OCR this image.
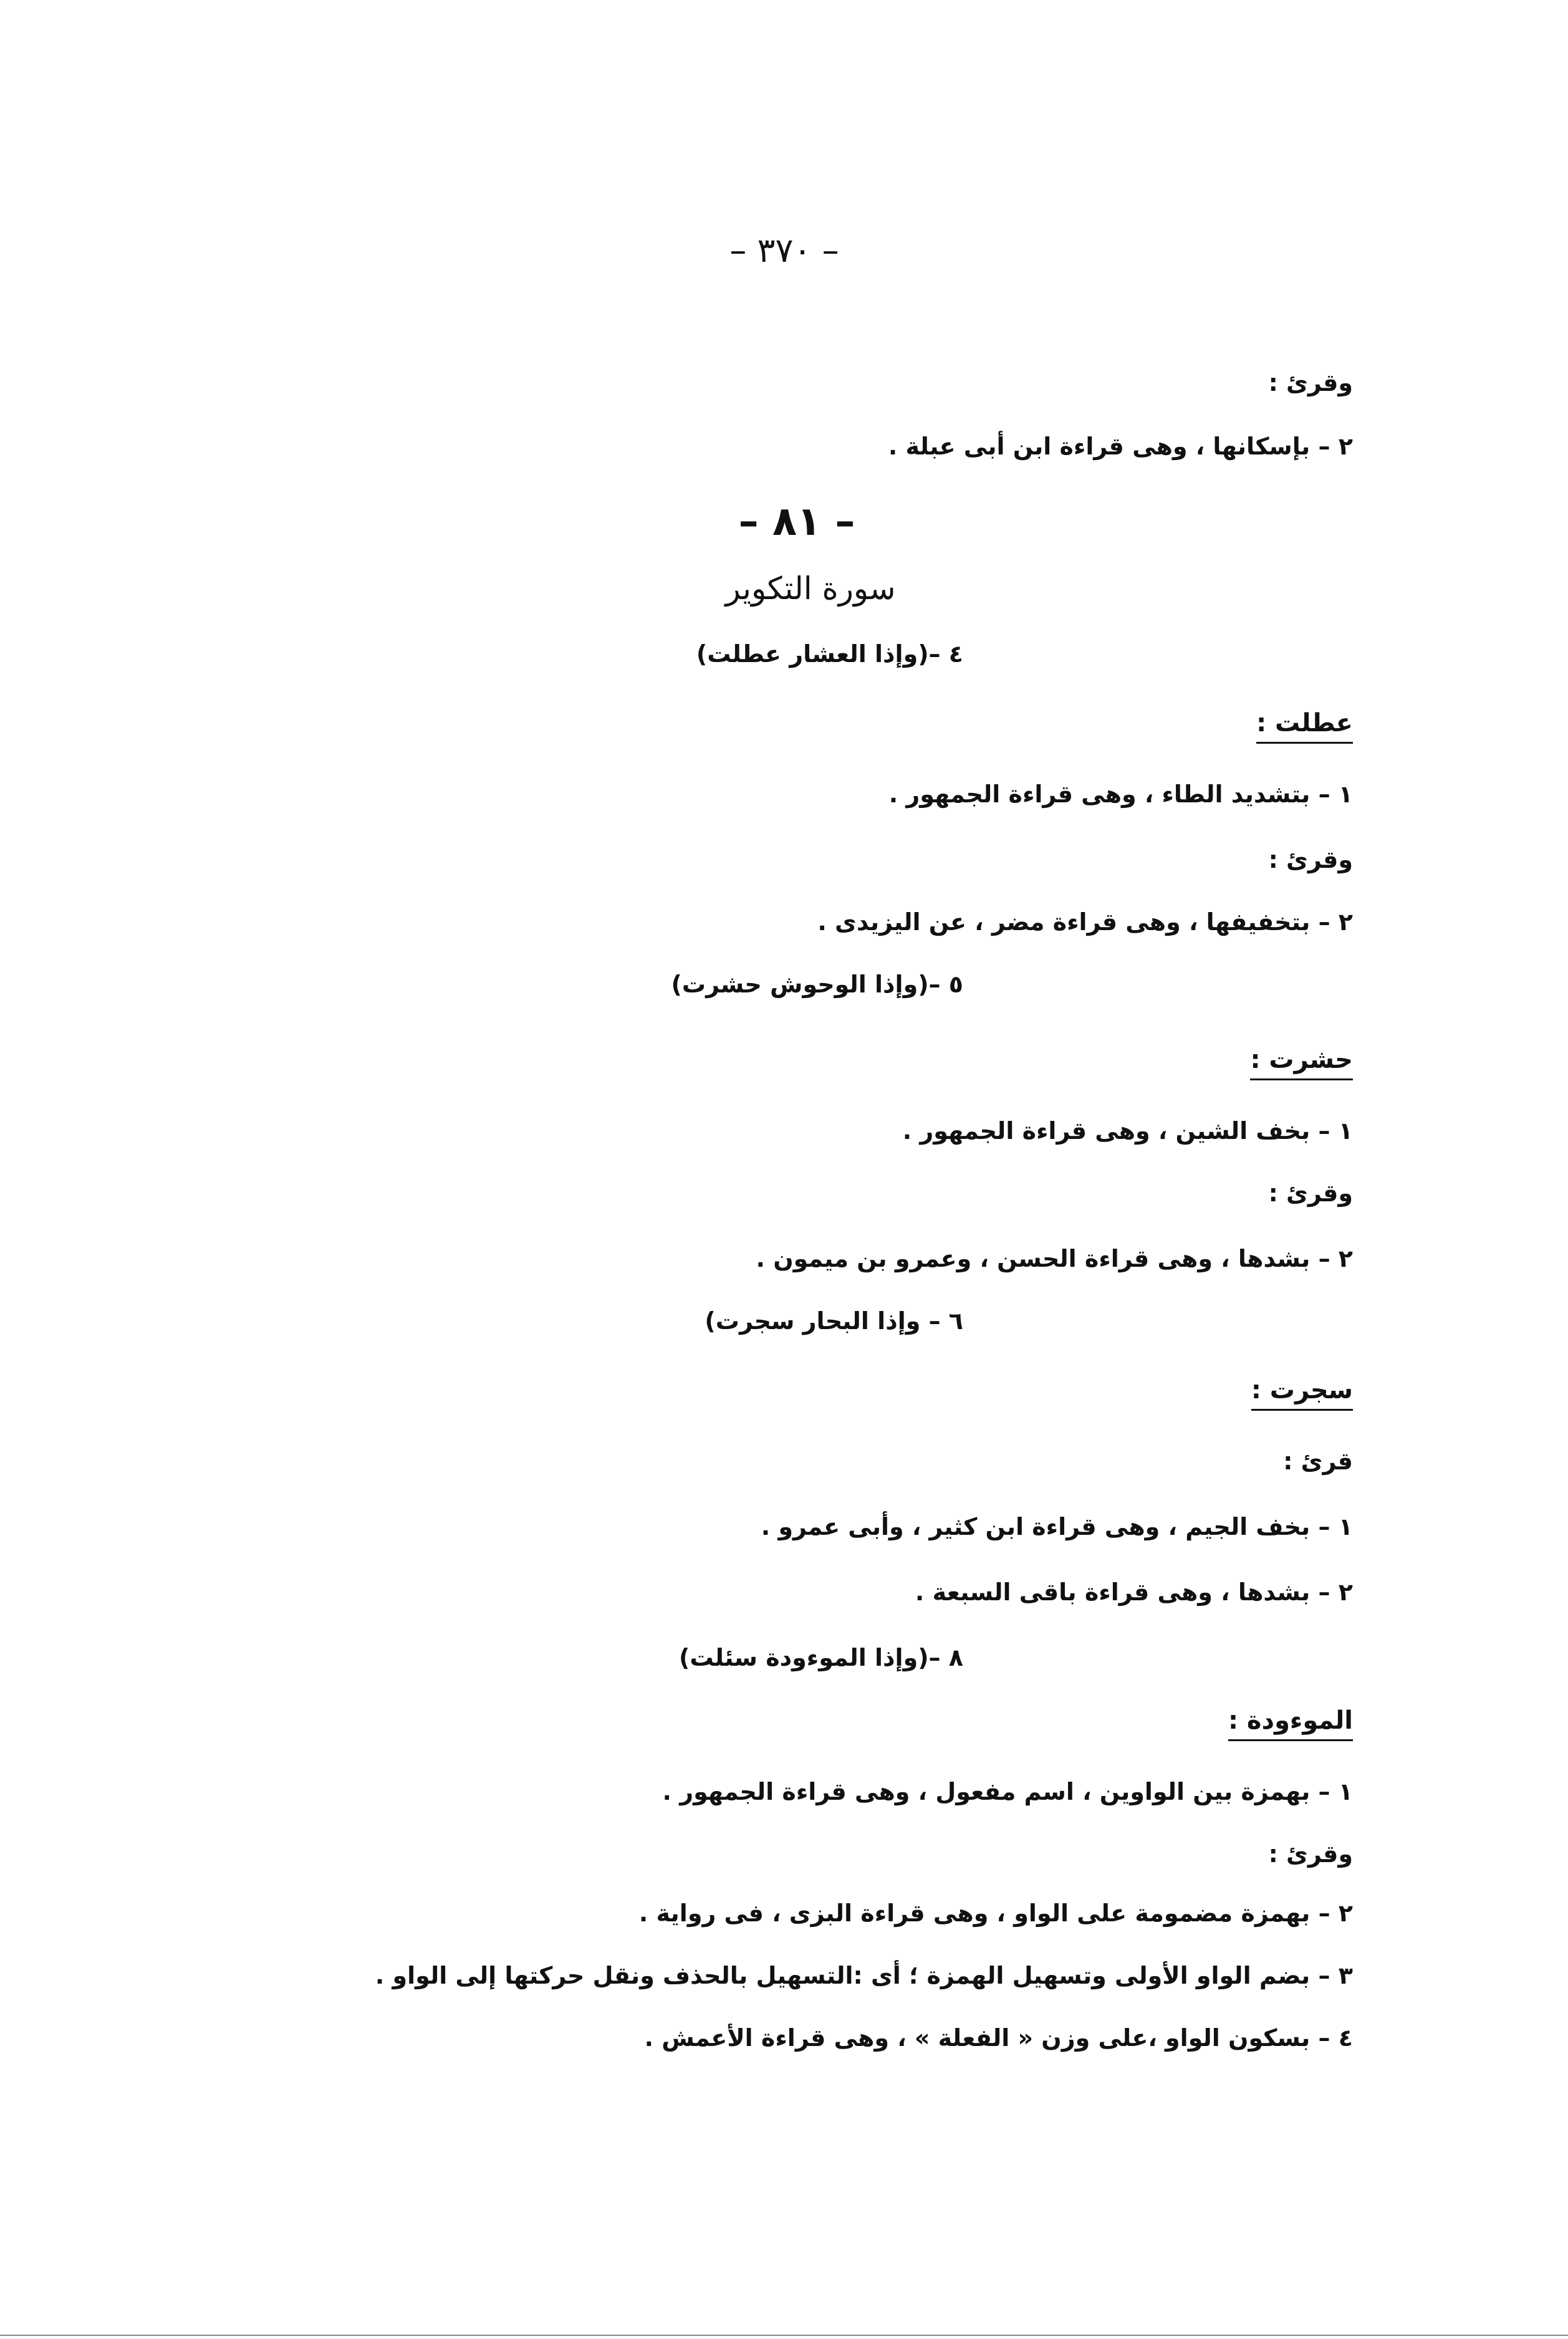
– ٣٧٠ –
وقرئ :
٢ – بإسكانها ، وهى قراءة ابن أبى عبلة .
– ٨١ –
سورة التكوير
٤ –(وإذا العشار عطلت)
عطلت :
١ – بتشديد الطاء ، وهى قراءة الجمهور .
وقرئ :
٢ – بتخفيفها ، وهى قراءة مضر ، عن اليزيدى .
٥ –(وإذا الوحوش حشرت)
حشرت :
١ – بخف الشين ، وهى قراءة الجمهور .
وقرئ :
٢ – بشدها ، وهى قراءة الحسن ، وعمرو بن ميمون .
٦ – وإذا البحار سجرت)
سجرت :
قرئ :
١ – بخف الجيم ، وهى قراءة ابن كثير ، وأبى عمرو .
٢ – بشدها ، وهى قراءة باقى السبعة .
٨ –(وإذا الموءودة سئلت)
الموءودة :
١ – بهمزة بين الواوين ، اسم مفعول ، وهى قراءة الجمهور .
وقرئ :
٢ – بهمزة مضمومة على الواو ، وهى قراءة البزى ، فى رواية .
٣ – بضم الواو الأولى وتسهيل الهمزة ؛ أى :التسهيل بالحذف ونقل حركتها إلى الواو .
٤ – بسكون الواو ،على وزن « الفعلة » ، وهى قراءة الأعمش .
